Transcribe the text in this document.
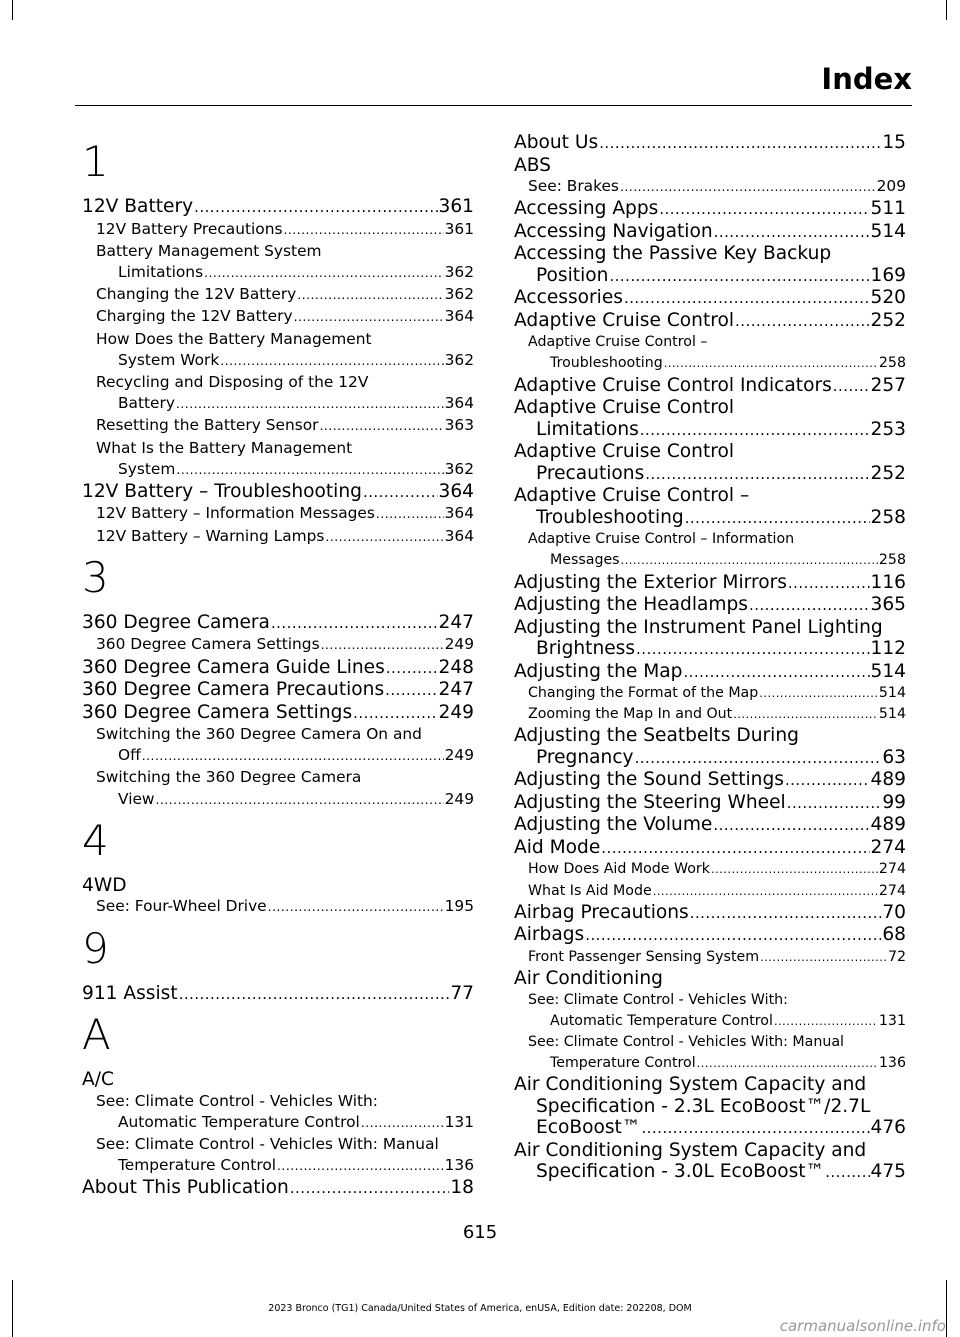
Index
1
12V Battery .....	361
12V Battery Precautions .....	361
Battery Management System
Limitations .....	362
Changing the 12V Battery .....	362
Charging the 12V Battery .....	364
How Does the Battery Management
System Work .....	362
Recycling and Disposing of the 12V
Battery .....	364
Resetting the Battery Sensor .....	363
What Is the Battery Management
System .....	362
12V Battery – Troubleshooting .....	364
12V Battery – Information Messages .....	364
12V Battery – Warning Lamps .....	364
3
360 Degree Camera .....	247
360 Degree Camera Settings .....	249
360 Degree Camera Guide Lines .....	248
360 Degree Camera Precautions .....	247
360 Degree Camera Settings .....	249
Switching the 360 Degree Camera On and
Off .....	249
Switching the 360 Degree Camera
View .....	249
4
4WD
See: Four-Wheel Drive .....	195
9
911 Assist .....	77
A
A/C
See: Climate Control - Vehicles With:
Automatic Temperature Control .....	131
See: Climate Control - Vehicles With: Manual
Temperature Control .....	136
About This Publication .....	18
About Us .....	15
ABS
See: Brakes .....	209
Accessing Apps .....	511
Accessing Navigation .....	514
Accessing the Passive Key Backup
Position .....	169
Accessories .....	520
Adaptive Cruise Control .....	252
Adaptive Cruise Control –
Troubleshooting .....	258
Adaptive Cruise Control Indicators ..... 257
Adaptive Cruise Control
Limitations .....	253
Adaptive Cruise Control
Precautions .....	252
Adaptive Cruise Control –
Troubleshooting .....	258
Adaptive Cruise Control – Information
Messages .....	258
Adjusting the Exterior Mirrors .....	116
Adjusting the Headlamps .....	365
Adjusting the Instrument Panel Lighting
Brightness .....	112
Adjusting the Map .....	514
Changing the Format of the Map .....	514
Zooming the Map In and Out .....	514
Adjusting the Seatbelts During
Pregnancy .....	63
Adjusting the Sound Settings .....	489
Adjusting the Steering Wheel .....	99
Adjusting the Volume .....	489
Aid Mode .....	274
How Does Aid Mode Work .....	274
What Is Aid Mode .....	274
Airbag Precautions .....	70
Airbags .....	68
Front Passenger Sensing System .....	72
Air Conditioning
See: Climate Control - Vehicles With:
Automatic Temperature Control .....	131
See: Climate Control - Vehicles With: Manual
Temperature Control .....	136
Air Conditioning System Capacity and
Specification - 2.3L EcoBoost™/2.7L
EcoBoost™ .....	476
Air Conditioning System Capacity and
Specification - 3.0L EcoBoost™ ..... 475
615
2023 Bronco (TG1) Canada/United States of America, enUSA, Edition date: 202208, DOM
carmanualsonline.info
